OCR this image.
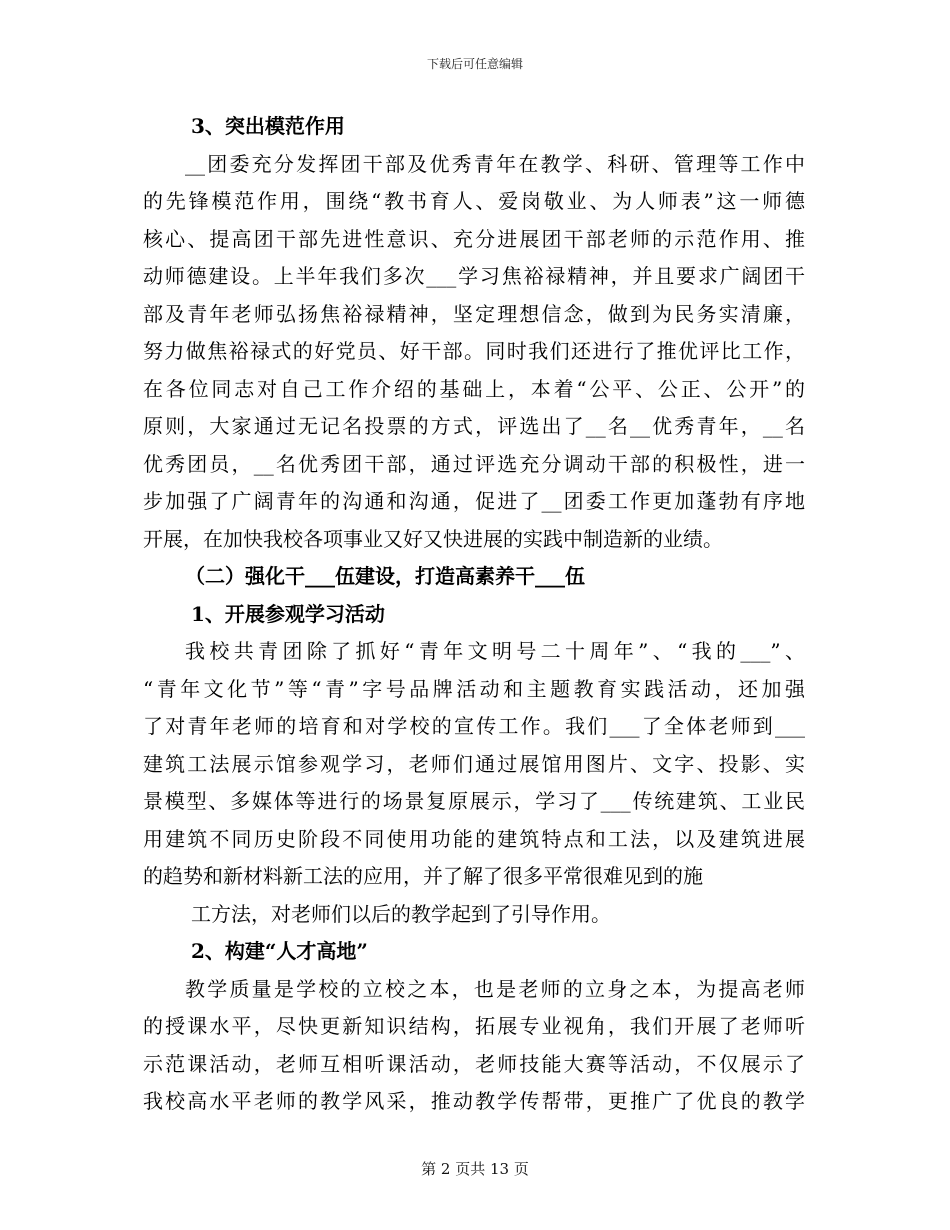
下载后可任意编辑
3、突出模范作用
__团委充分发挥团干部及优秀青年在教学、科研、管理等工作中
的先锋模范作用，围绕“教书育人、爱岗敬业、为人师表”这一师德
核心、提高团干部先进性意识、充分进展团干部老师的示范作用、推
动师德建设。上半年我们多次___学习焦裕禄精神，并且要求广阔团干
部及青年老师弘扬焦裕禄精神，坚定理想信念，做到为民务实清廉，
努力做焦裕禄式的好党员、好干部。同时我们还进行了推优评比工作，
在各位同志对自己工作介绍的基础上，本着“公平、公正、公开”的
原则，大家通过无记名投票的方式，评选出了__名__优秀青年，__名
优秀团员，__名优秀团干部，通过评选充分调动干部的积极性，进一
步加强了广阔青年的沟通和沟通，促进了__团委工作更加蓬勃有序地
开展，在加快我校各项事业又好又快进展的实践中制造新的业绩。
（二）强化干___伍建设，打造高素养干___伍
1、开展参观学习活动
我校共青团除了抓好“青年文明号二十周年”、“我的___”、
“青年文化节”等“青”字号品牌活动和主题教育实践活动，还加强
了对青年老师的培育和对学校的宣传工作。我们___了全体老师到___
建筑工法展示馆参观学习，老师们通过展馆用图片、文字、投影、实
景模型、多媒体等进行的场景复原展示，学习了___传统建筑、工业民
用建筑不同历史阶段不同使用功能的建筑特点和工法，以及建筑进展
的趋势和新材料新工法的应用，并了解了很多平常很难见到的施
工方法，对老师们以后的教学起到了引导作用。
2、构建“人才高地”
教学质量是学校的立校之本，也是老师的立身之本，为提高老师
的授课水平，尽快更新知识结构，拓展专业视角，我们开展了老师听
示范课活动，老师互相听课活动，老师技能大赛等活动，不仅展示了
我校高水平老师的教学风采，推动教学传帮带，更推广了优良的教学
第 2 页共 13 页
